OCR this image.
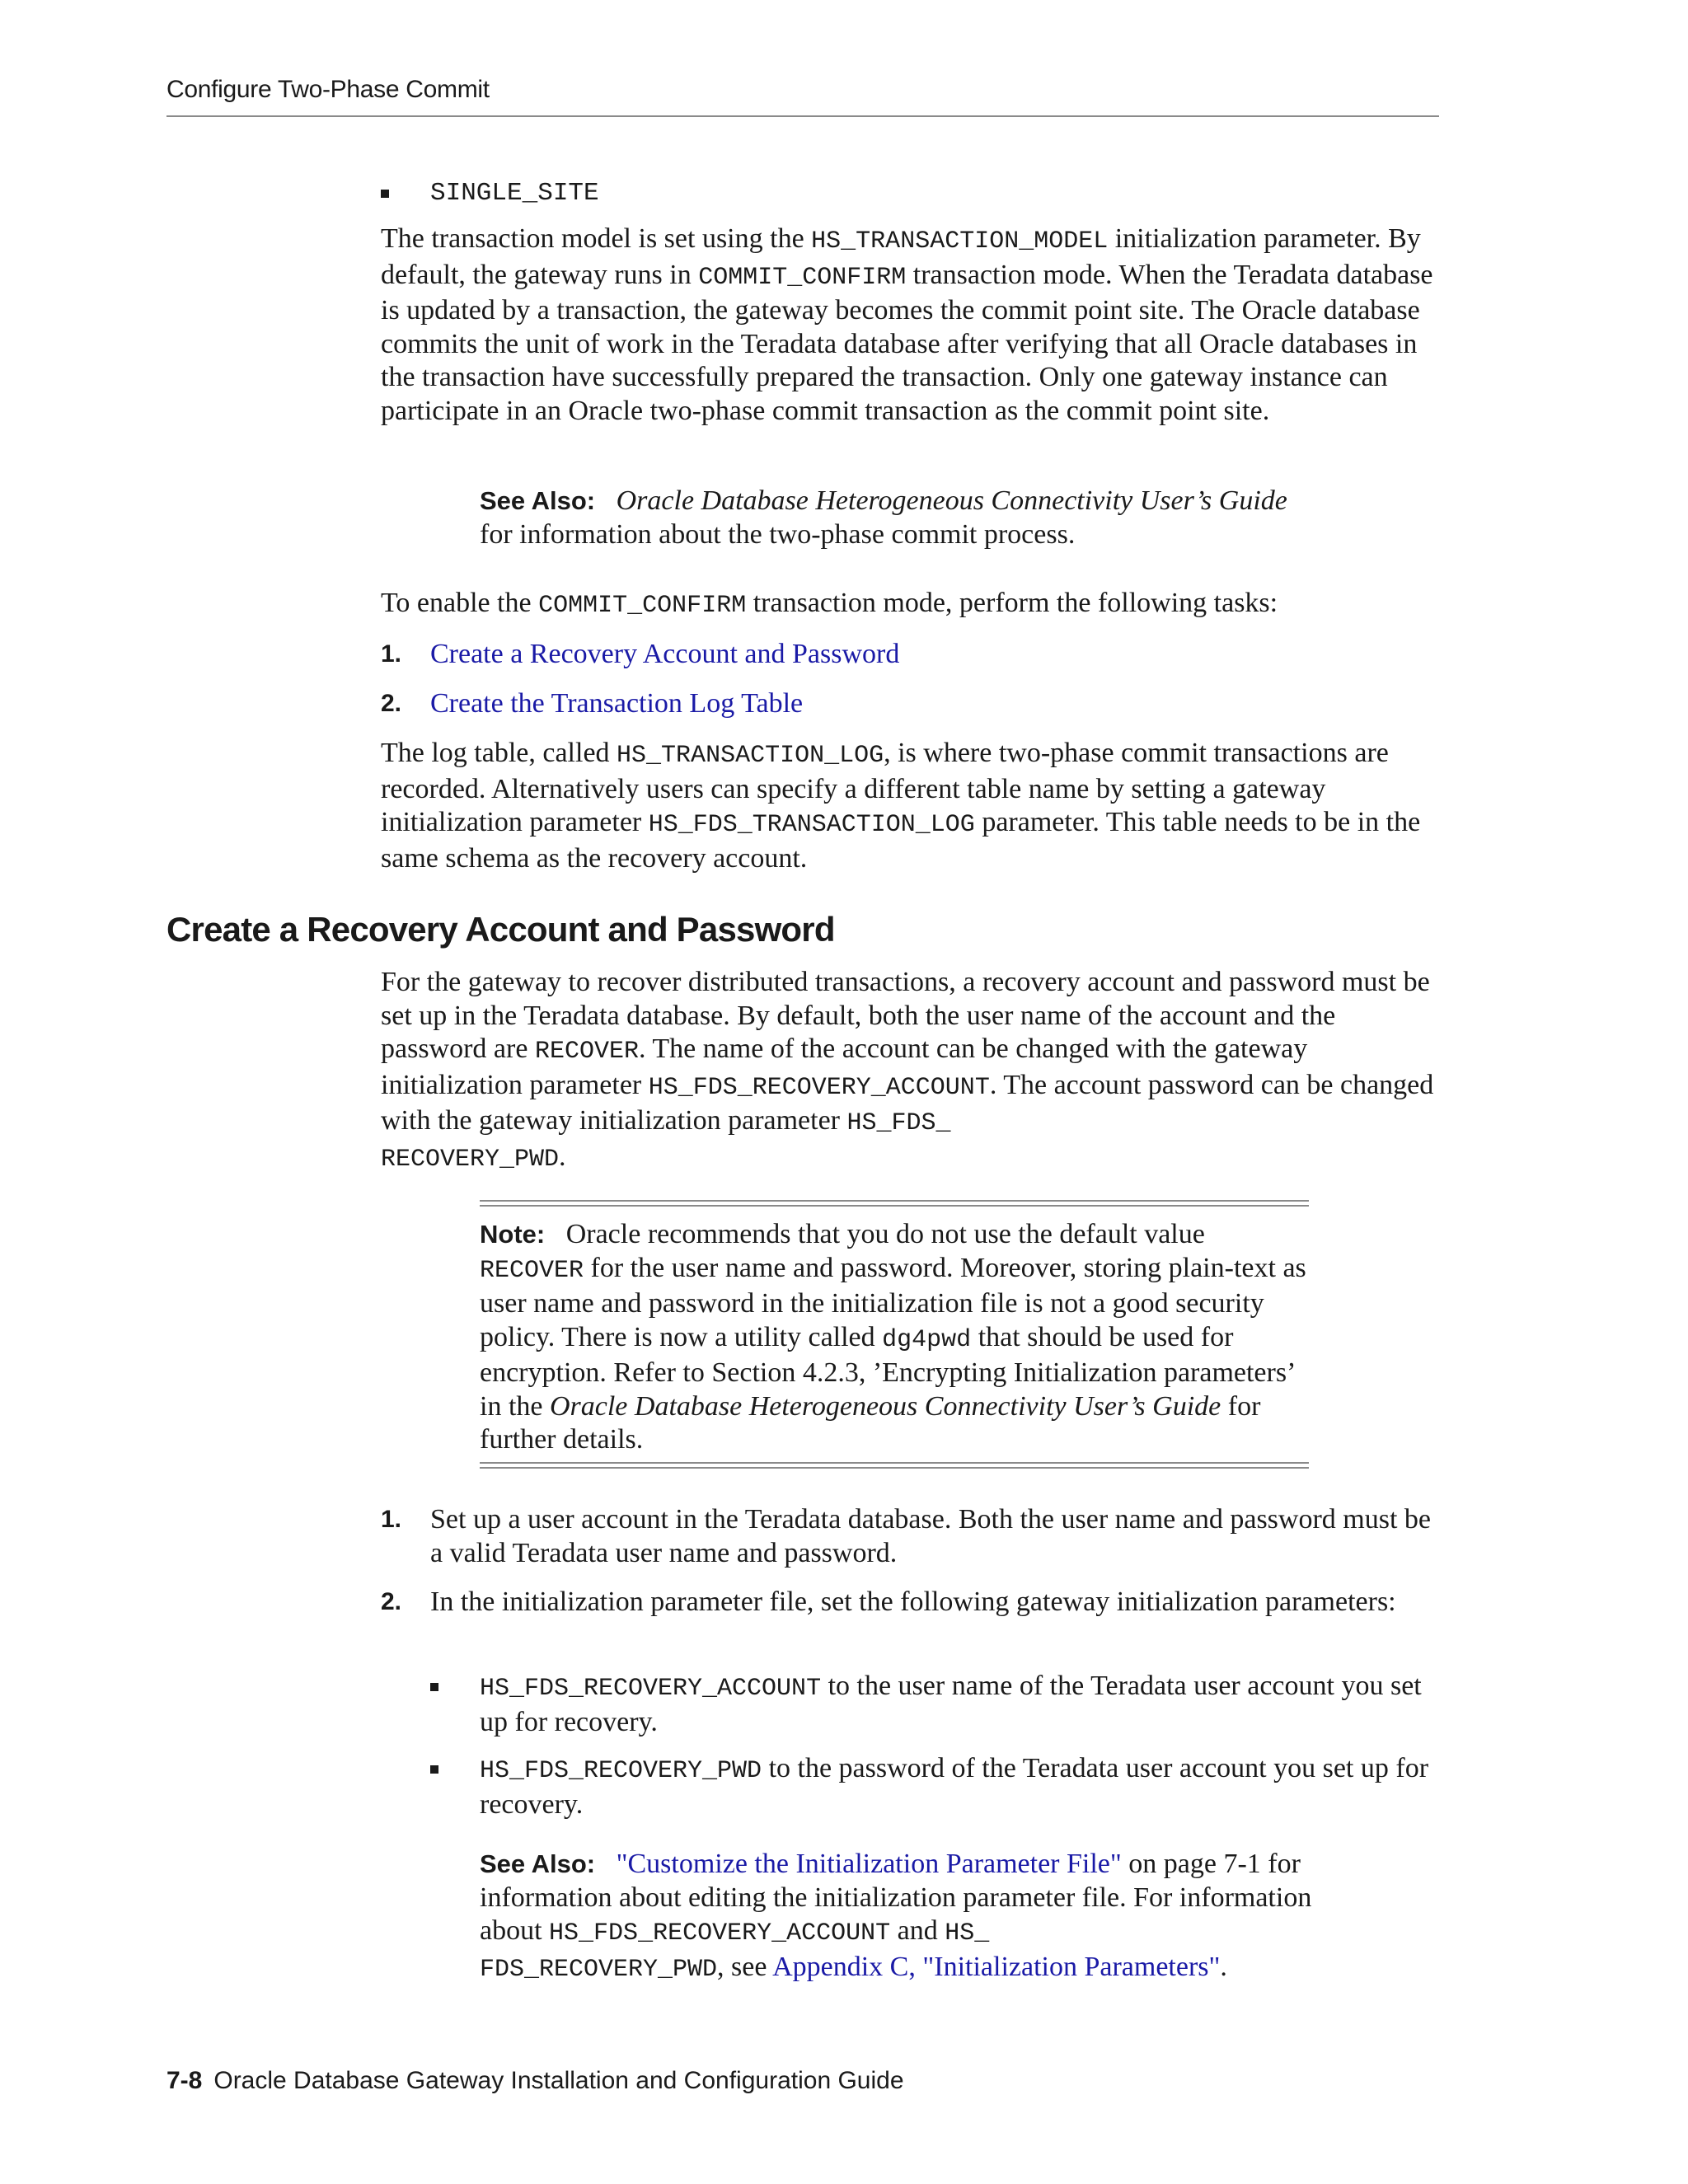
Configure Two-Phase Commit
SINGLE_SITE

The transaction model is set using the HS_TRANSACTION_MODEL initialization parameter. By default, the gateway runs in COMMIT_CONFIRM transaction mode. When the Teradata database is updated by a transaction, the gateway becomes the commit point site. The Oracle database commits the unit of work in the Teradata database after verifying that all Oracle databases in the transaction have successfully prepared the transaction. Only one gateway instance can participate in an Oracle two-phase commit transaction as the commit point site.

See Also: Oracle Database Heterogeneous Connectivity User’s Guide
for information about the two-phase commit process.

To enable the COMMIT_CONFIRM transaction mode, perform the following tasks:

1. Create a Recovery Account and Password
2. Create the Transaction Log Table

The log table, called HS_TRANSACTION_LOG, is where two-phase commit transactions are recorded. Alternatively users can specify a different table name by setting a gateway initialization parameter HS_FDS_TRANSACTION_LOG parameter. This table needs to be in the same schema as the recovery account.

Create a Recovery Account and Password

For the gateway to recover distributed transactions, a recovery account and password must be set up in the Teradata database. By default, both the user name of the account and the password are RECOVER. The name of the account can be changed with the gateway initialization parameter HS_FDS_RECOVERY_ACCOUNT. The account password can be changed with the gateway initialization parameter HS_FDS_
RECOVERY_PWD.

Note: Oracle recommends that you do not use the default value
RECOVER for the user name and password. Moreover, storing plain-text as user name and password in the initialization file is not a good security policy. There is now a utility called dg4pwd that should be used for encryption. Refer to Section 4.2.3, ’Encrypting Initialization parameters’ in the Oracle Database Heterogeneous Connectivity User’s Guide for further details.
1. Set up a user account in the Teradata database. Both the user name and password must be a valid Teradata user name and password.

2. In the initialization parameter file, set the following gateway initialization parameters:

HS_FDS_RECOVERY_ACCOUNT to the user name of the Teradata user account you set up for recovery.

HS_FDS_RECOVERY_PWD to the password of the Teradata user account you set up for recovery.

See Also: "Customize the Initialization Parameter File" on page 7-1 for information about editing the initialization parameter file. For information about HS_FDS_RECOVERY_ACCOUNT and HS_
FDS_RECOVERY_PWD, see Appendix C, "Initialization Parameters".
7-8 Oracle Database Gateway Installation and Configuration Guide
